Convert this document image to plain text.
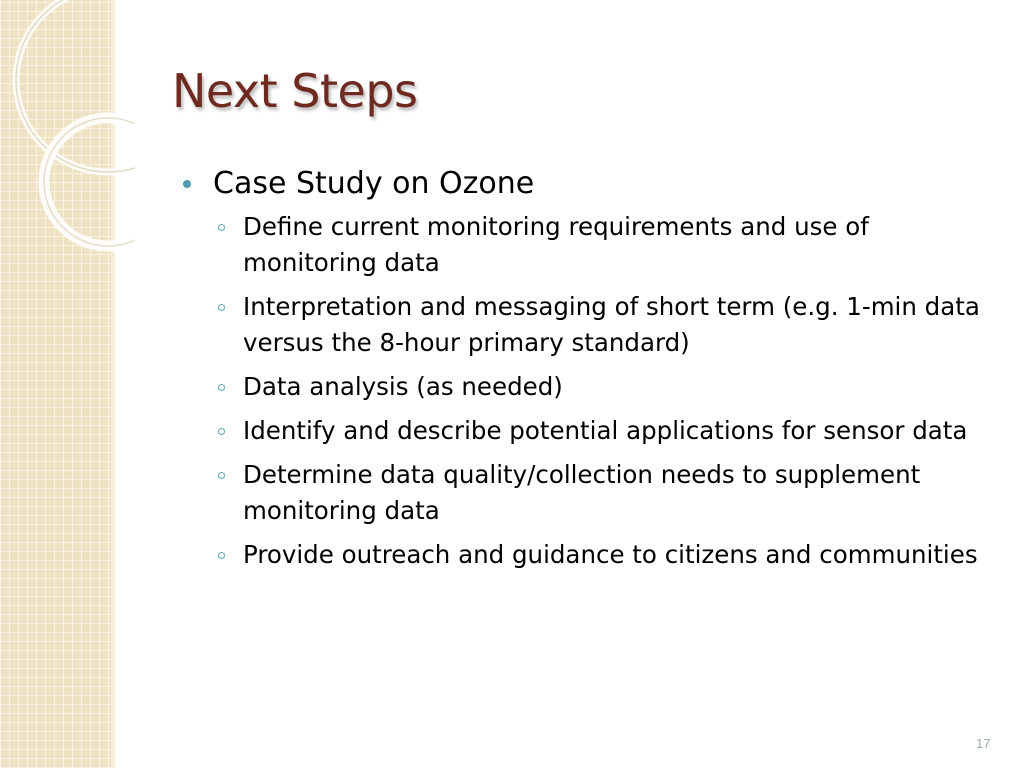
Next Steps
Case Study on Ozone
Define current monitoring requirements and use of monitoring data
Interpretation and messaging of short term (e.g. 1-min data versus the 8-hour primary standard)
Data analysis (as needed)
Identify and describe potential applications for sensor data
Determine data quality/collection needs to supplement monitoring data
Provide outreach and guidance to citizens and communities
17
